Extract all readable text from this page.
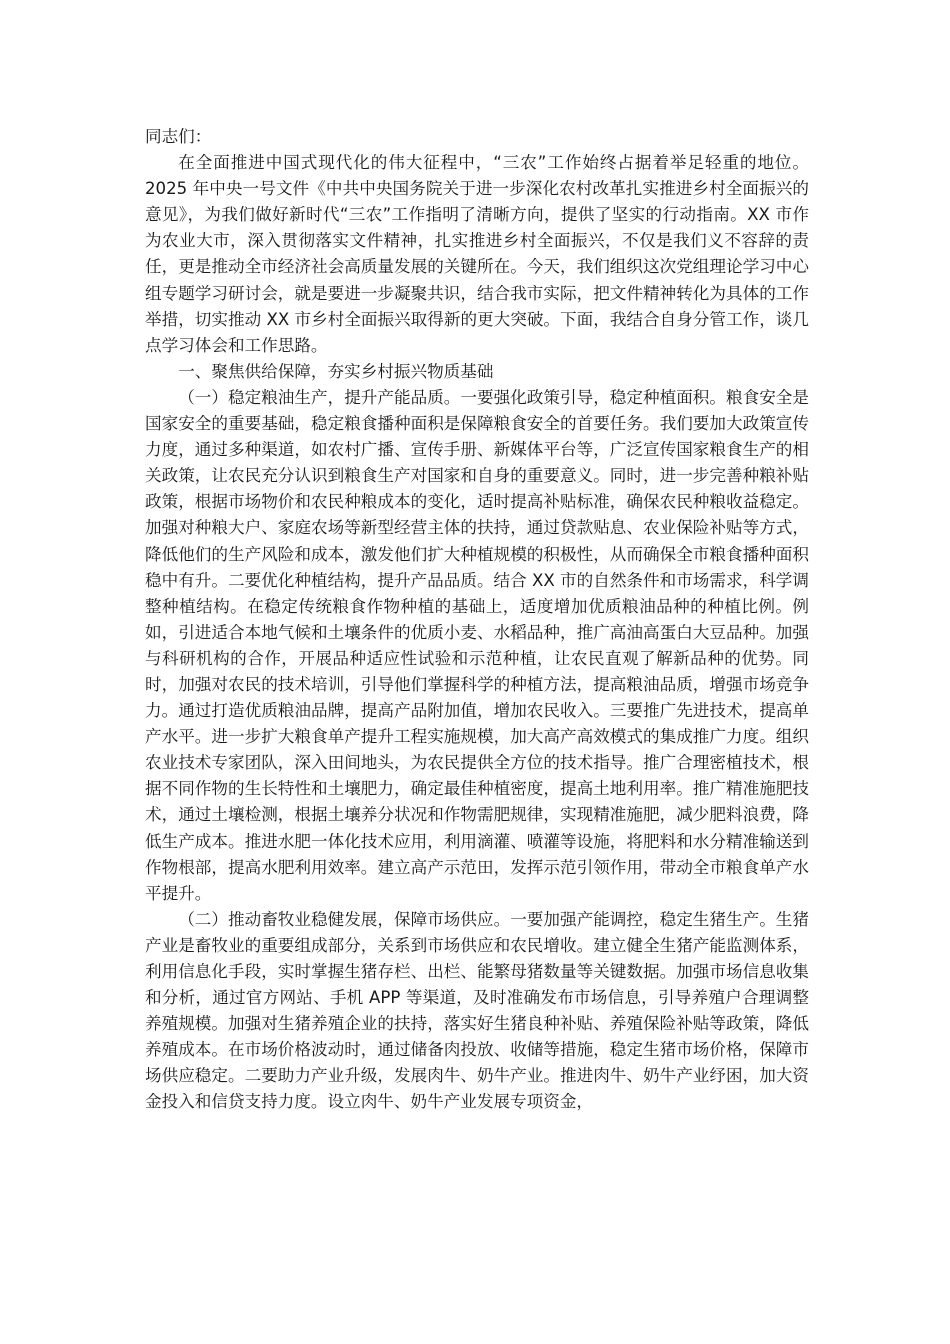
同志们：

在全面推进中国式现代化的伟大征程中，“三农”工作始终占据着举足轻重的地位。2025 年中央一号文件《中共中央国务院关于进一步深化农村改革扎实推进乡村全面振兴的意见》，为我们做好新时代“三农”工作指明了清晰方向，提供了坚实的行动指南。XX 市作为农业大市，深入贯彻落实文件精神，扎实推进乡村全面振兴，不仅是我们义不容辞的责任，更是推动全市经济社会高质量发展的关键所在。今天，我们组织这次党组理论学习中心组专题学习研讨会，就是要进一步凝聚共识，结合我市实际，把文件精神转化为具体的工作举措，切实推动 XX 市乡村全面振兴取得新的更大突破。下面，我结合自身分管工作，谈几点学习体会和工作思路。

一、聚焦供给保障，夯实乡村振兴物质基础

（一）稳定粮油生产，提升产能品质。一要强化政策引导，稳定种植面积。粮食安全是国家安全的重要基础，稳定粮食播种面积是保障粮食安全的首要任务。我们要加大政策宣传力度，通过多种渠道，如农村广播、宣传手册、新媒体平台等，广泛宣传国家粮食生产的相关政策，让农民充分认识到粮食生产对国家和自身的重要意义。同时，进一步完善种粮补贴政策，根据市场物价和农民种粮成本的变化，适时提高补贴标准，确保农民种粮收益稳定。加强对种粮大户、家庭农场等新型经营主体的扶持，通过贷款贴息、农业保险补贴等方式，降低他们的生产风险和成本，激发他们扩大种植规模的积极性，从而确保全市粮食播种面积稳中有升。二要优化种植结构，提升产品品质。结合 XX 市的自然条件和市场需求，科学调整种植结构。在稳定传统粮食作物种植的基础上，适度增加优质粮油品种的种植比例。例如，引进适合本地气候和土壤条件的优质小麦、水稻品种，推广高油高蛋白大豆品种。加强与科研机构的合作，开展品种适应性试验和示范种植，让农民直观了解新品种的优势。同时，加强对农民的技术培训，引导他们掌握科学的种植方法，提高粮油品质，增强市场竞争力。通过打造优质粮油品牌，提高产品附加值，增加农民收入。三要推广先进技术，提高单产水平。进一步扩大粮食单产提升工程实施规模，加大高产高效模式的集成推广力度。组织农业技术专家团队，深入田间地头，为农民提供全方位的技术指导。推广合理密植技术，根据不同作物的生长特性和土壤肥力，确定最佳种植密度，提高土地利用率。推广精准施肥技术，通过土壤检测，根据土壤养分状况和作物需肥规律，实现精准施肥，减少肥料浪费，降低生产成本。推进水肥一体化技术应用，利用滴灌、喷灌等设施，将肥料和水分精准输送到作物根部，提高水肥利用效率。建立高产示范田，发挥示范引领作用，带动全市粮食单产水平提升。

（二）推动畜牧业稳健发展，保障市场供应。一要加强产能调控，稳定生猪生产。生猪产业是畜牧业的重要组成部分，关系到市场供应和农民增收。建立健全生猪产能监测体系，利用信息化手段，实时掌握生猪存栏、出栏、能繁母猪数量等关键数据。加强市场信息收集和分析，通过官方网站、手机 APP 等渠道，及时准确发布市场信息，引导养殖户合理调整养殖规模。加强对生猪养殖企业的扶持，落实好生猪良种补贴、养殖保险补贴等政策，降低养殖成本。在市场价格波动时，通过储备肉投放、收储等措施，稳定生猪市场价格，保障市场供应稳定。二要助力产业升级，发展肉牛、奶牛产业。推进肉牛、奶牛产业纾困，加大资金投入和信贷支持力度。设立肉牛、奶牛产业发展专项资金，
